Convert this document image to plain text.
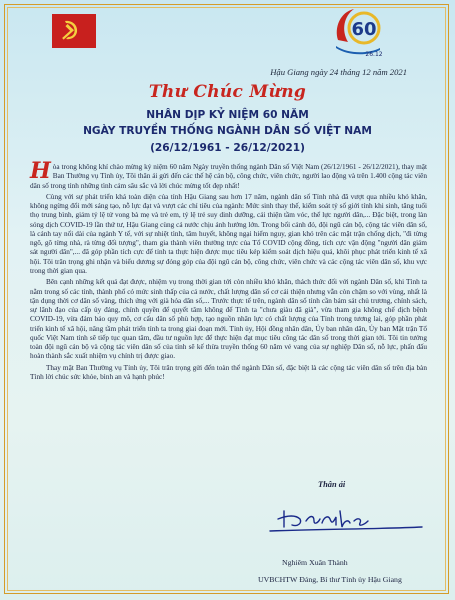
60
26.12
Hậu Giang ngày 24 tháng 12 năm 2021
Thư Chúc Mừng
NHÂN DỊP KỶ NIỆM 60 NĂM
NGÀY TRUYỀN THỐNG NGÀNH DÂN SỐ VIỆT NAM
(26/12/1961 - 26/12/2021)

Hòa trong không khí chào mừng kỷ niệm 60 năm Ngày truyền thống ngành Dân số Việt Nam (26/12/1961 - 26/12/2021), thay mặt Ban Thường vụ Tỉnh ủy, Tôi thân ái gửi đến các thế hệ cán bộ, công chức, viên chức, người lao động và trên 1.400 cộng tác viên dân số trong tỉnh những tình cảm sâu sắc và lời chúc mừng tốt đẹp nhất!

Cùng với sự phát triển khá toàn diện của tỉnh Hậu Giang sau hơn 17 năm, ngành dân số Tỉnh nhà đã vượt qua nhiều khó khăn, không ngừng đổi mới sáng tạo, nỗ lực đạt và vượt các chỉ tiêu của ngành: Mức sinh thay thế, kiểm soát tỷ số giới tính khi sinh, tăng tuổi thọ trung bình, giảm tỷ lệ tử vong bà mẹ và trẻ em, tỷ lệ trẻ suy dinh dưỡng, cải thiện tầm vóc, thể lực người dân,... Đặc biệt, trong làn sóng dịch COVID-19 lần thứ tư, Hậu Giang cùng cả nước chịu ảnh hưởng lớn. Trong bối cảnh đó, đội ngũ cán bộ, cộng tác viên dân số, là cánh tay nối dài của ngành Y tế, với sự nhiệt tình, tâm huyết, không ngại hiểm nguy, gian khó trên các mặt trận chống dịch, "đi từng ngõ, gõ từng nhà, rà từng đối tượng", tham gia thành viên thường trực của Tổ COVID cộng đồng, tích cực vận động "người dân giám sát người dân",... đã góp phần tích cực để tỉnh ta thực hiện được mục tiêu kép kiểm soát dịch hiệu quả, khôi phục phát triển kinh tế xã hội. Tôi trân trọng ghi nhận và biểu dương sự đóng góp của đội ngũ cán bộ, công chức, viên chức và các cộng tác viên dân số, khu vực trong thời gian qua.

Bên cạnh những kết quả đạt được, nhiệm vụ trong thời gian tới còn nhiều khó khăn, thách thức đối với ngành Dân số, khi Tỉnh ta nằm trong số các tỉnh, thành phố có mức sinh thấp của cả nước, chất lượng dân số cơ cải thiện nhưng vẫn còn chậm so với vùng, nhất là tận dụng thời cơ dân số vàng, thích ứng với già hóa dân số,... Trước thực tế trên, ngành dân số tỉnh cần bám sát chủ trương, chính sách, sự lãnh đạo của cấp ủy đảng, chính quyền để quyết tâm không để Tỉnh ta "chưa giàu đã già", vừa tham gia không chế dịch bệnh COVID-19, vừa đảm bảo quy mô, cơ cấu dân số phù hợp, tạo nguồn nhân lực có chất lượng của Tỉnh trong tương lai, góp phần phát triển kinh tế xã hội, nâng tầm phát triển tỉnh ta trong giai đoạn mới. Tỉnh ủy, Hội đồng nhân dân, Ủy ban nhân dân, Ủy ban Mặt trận Tổ quốc Việt Nam tỉnh sẽ tiếp tục quan tâm, đầu tư nguồn lực để thực hiện đạt mục tiêu công tác dân số trong thời gian tới. Tôi tin tưởng toàn đội ngũ cán bộ và cộng tác viên dân số của tỉnh sẽ kế thừa truyền thống 60 năm vẻ vang của sự nghiệp Dân số, nỗ lực, phấn đấu hoàn thành sắc xuất nhiệm vụ chính trị được giao.

Thay mặt Ban Thường vụ Tỉnh ủy, Tôi trân trọng gửi đến toàn thể ngành Dân số, đặc biệt là các cộng tác viên dân số trên địa bàn Tỉnh lời chúc sức khỏe, bình an và hạnh phúc!

Thân ái
Nghiêm Xuân Thành
UVBCHTW Đảng, Bí thư Tỉnh ủy Hậu Giang
